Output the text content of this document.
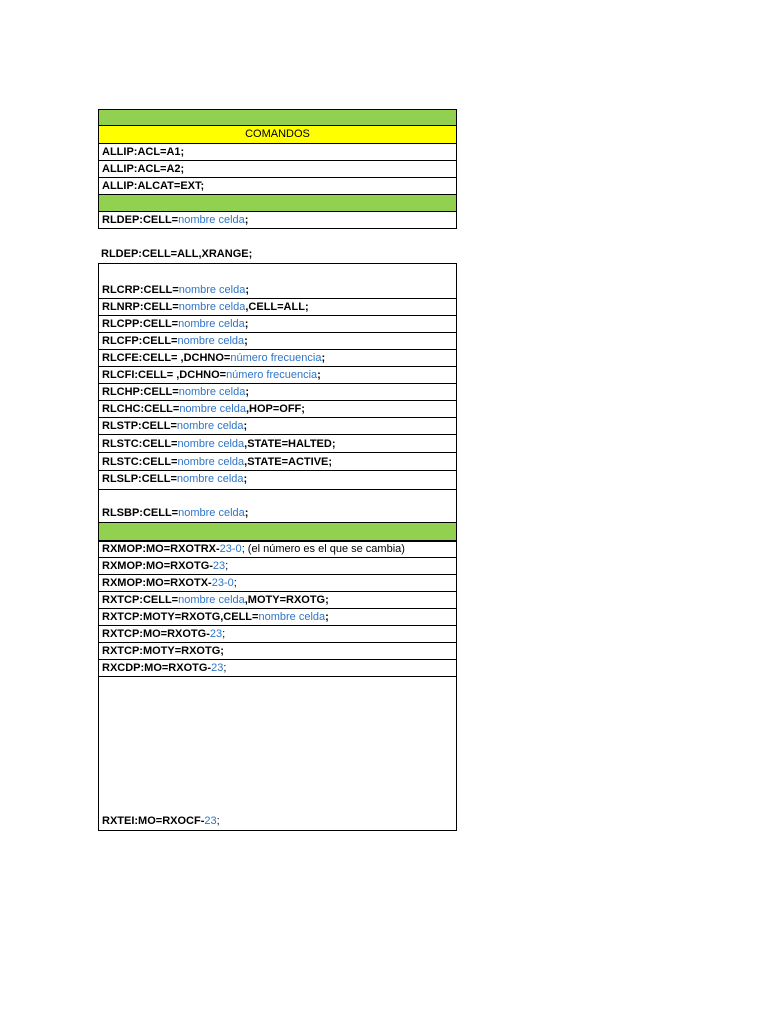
COMANDOS
ALLIP:ACL=A1;
ALLIP:ACL=A2;
ALLIP:ALCAT=EXT;
RLDEP:CELL= nombre celda ;
RLDEP:CELL=ALL,XRANGE;
RLCRP:CELL= nombre celda ;
RLNRP:CELL= nombre celda ,CELL=ALL;
RLCPP:CELL= nombre celda ;
RLCFP:CELL= nombre celda ;
RLCFE:CELL= ,DCHNO= número frecuencia ;
RLCFI:CELL= ,DCHNO= número frecuencia ;
RLCHP:CELL= nombre celda ;
RLCHC:CELL= nombre celda ,HOP=OFF;
RLSTP:CELL= nombre celda ;
RLSTC:CELL= nombre celda ,STATE=HALTED;
RLSTC:CELL= nombre celda ,STATE=ACTIVE;
RLSLP:CELL= nombre celda ;
RLSBP:CELL= nombre celda ;
RXMOP:MO=RXOTRX- 23-0 ; (el número es el que se cambia)
RXMOP:MO=RXOTG- 23 ;
RXMOP:MO=RXOTX- 23-0 ;
RXTCP:CELL= nombre celda ,MOTY=RXOTG;
RXTCP:MOTY=RXOTG,CELL= nombre celda ;
RXTCP:MO=RXOTG- 23 ;
RXTCP:MOTY=RXOTG;
RXCDP:MO=RXOTG- 23 ;
RXTEI:MO=RXOCF- 23 ;
